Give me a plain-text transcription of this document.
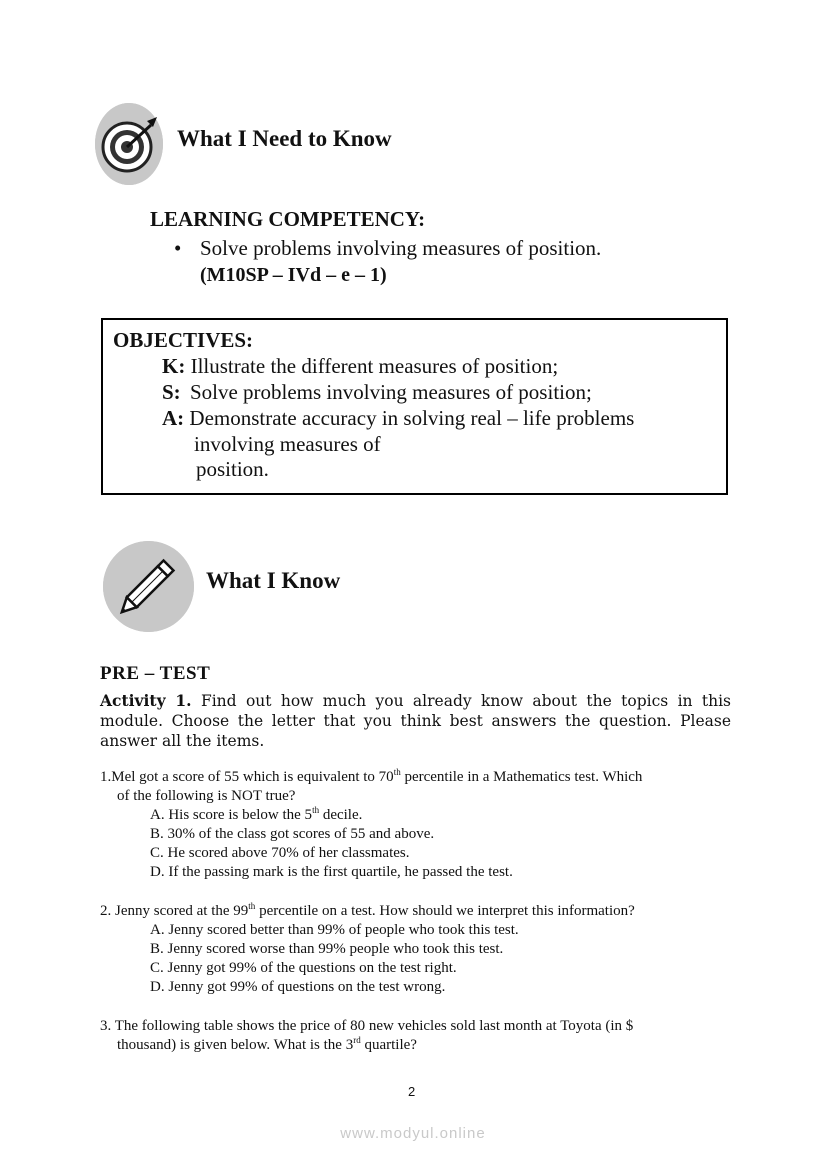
What I Need to Know
LEARNING COMPETENCY:
• Solve problems involving measures of position.
(M10SP – IVd – e – 1)
OBJECTIVES:
K: Illustrate the different measures of position;
S: Solve problems involving measures of position;
A: Demonstrate accuracy in solving real – life problems
involving measures of
position.
What I Know
PRE – TEST
Activity 1. Find out how much you already know about the topics in this module. Choose the letter that you think best answers the question. Please answer all the items.
1.Mel got a score of 55 which is equivalent to 70th percentile in a Mathematics test. Which
of the following is NOT true?
A. His score is below the 5th decile.
B. 30% of the class got scores of 55 and above.
C. He scored above 70% of her classmates.
D. If the passing mark is the first quartile, he passed the test.
2. Jenny scored at the 99th percentile on a test. How should we interpret this information?
A. Jenny scored better than 99% of people who took this test.
B. Jenny scored worse than 99% people who took this test.
C. Jenny got 99% of the questions on the test right.
D. Jenny got 99% of questions on the test wrong.
3. The following table shows the price of 80 new vehicles sold last month at Toyota (in $
thousand) is given below. What is the 3rd quartile?
2
www.modyul.online
